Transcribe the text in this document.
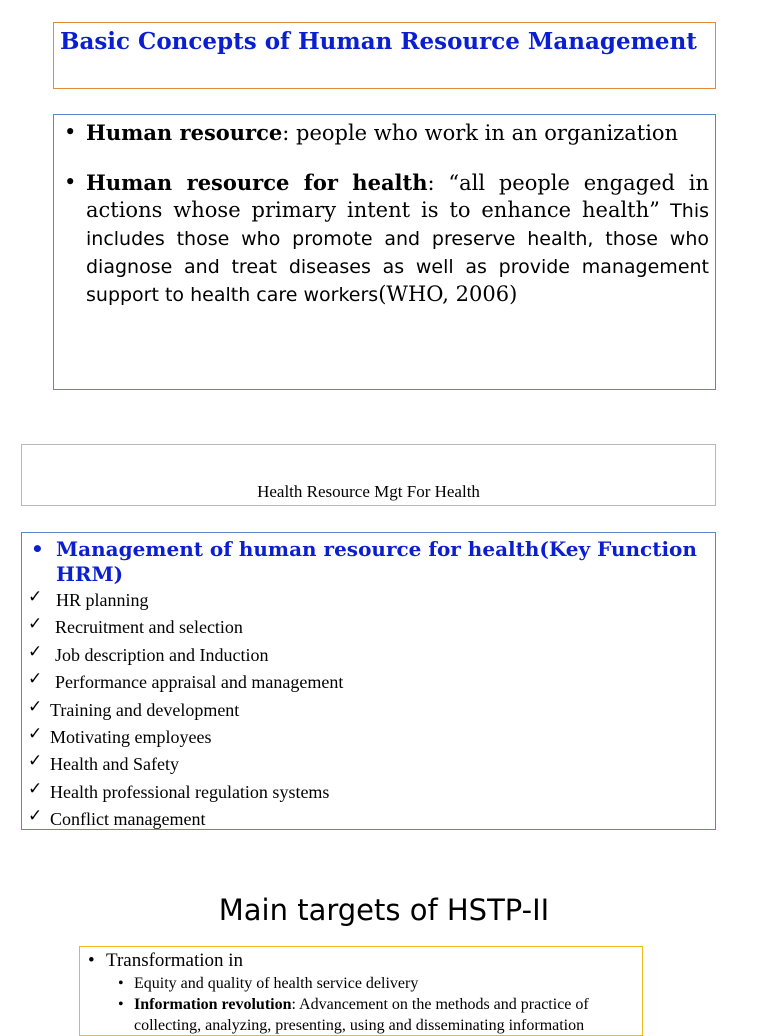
Basic Concepts of Human Resource Management
• Human resource: people who work in an organization
• Human resource for health: “all people engaged in actions whose primary intent is to enhance health” This includes those who promote and preserve health, those who diagnose and treat diseases as well as provide management support to health care workers(WHO, 2006)
Health Resource Mgt For Health
• Management of human resource for health(Key Function HRM)
✓ HR planning
✓ Recruitment and selection
✓ Job description and Induction
✓ Performance appraisal and management
✓ Training and development
✓ Motivating employees
✓ Health and Safety
✓ Health professional regulation systems
✓ Conflict management
Main targets of HSTP-II
• Transformation in
• Equity and quality of health service delivery
• Information revolution: Advancement on the methods and practice of collecting, analyzing, presenting, using and disseminating information
